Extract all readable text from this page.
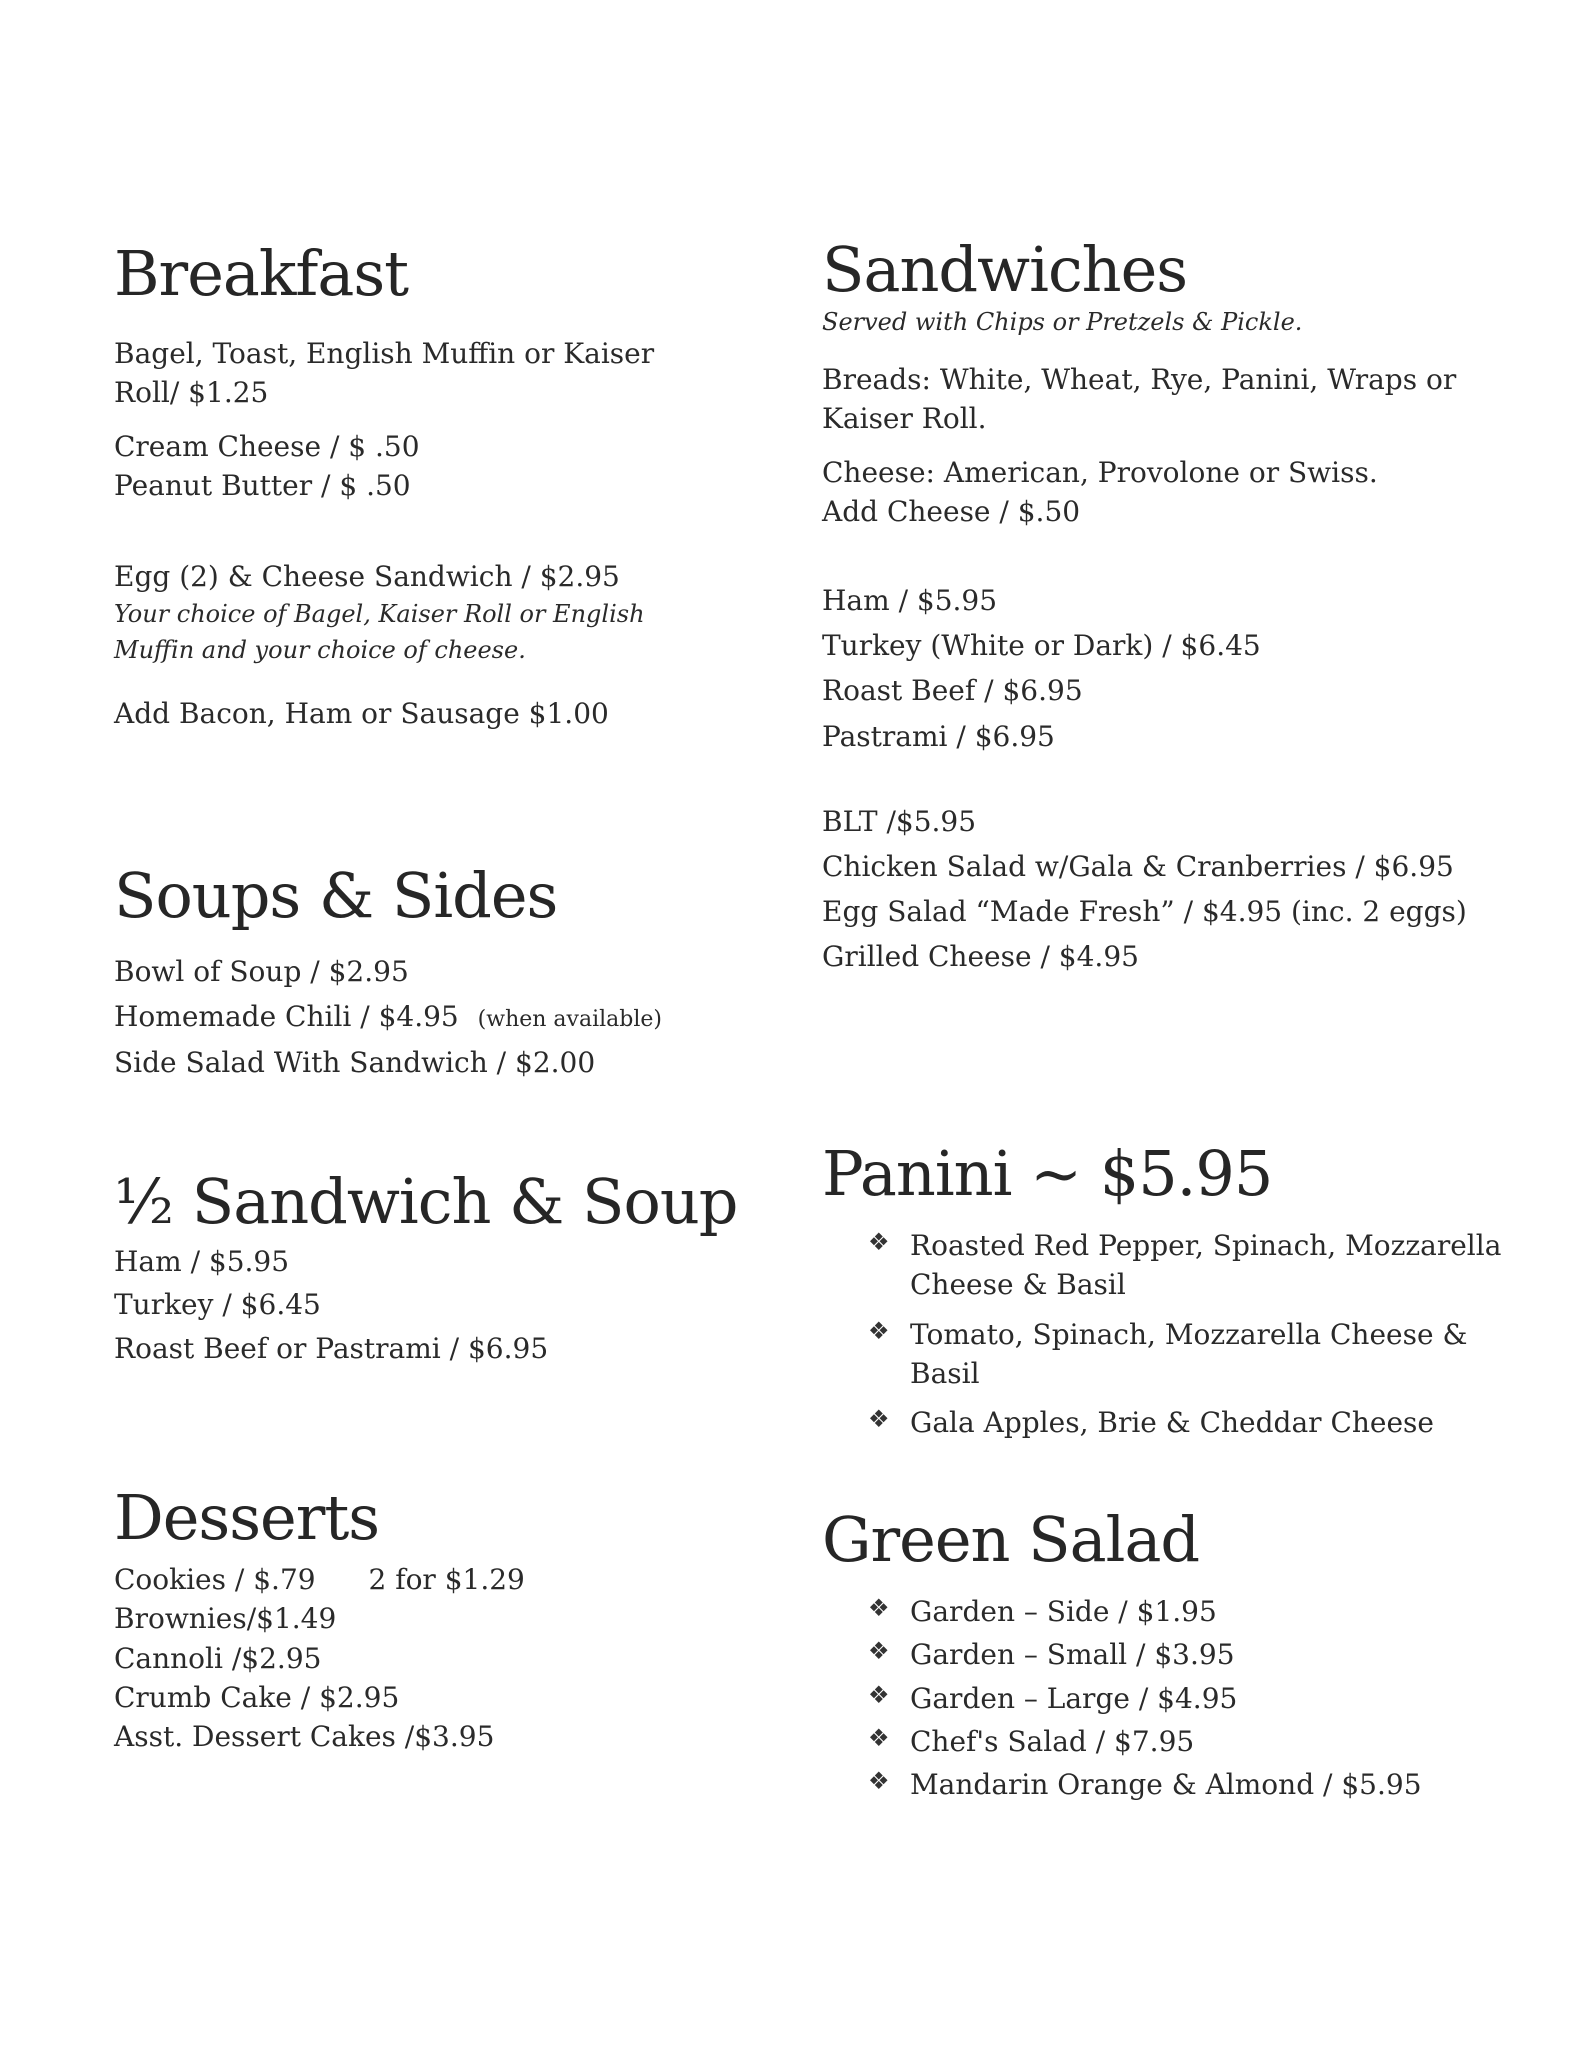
Breakfast

Bagel, Toast, English Muffin or Kaiser Roll/ $1.25

Cream Cheese / $ .50

Peanut Butter / $ .50

Egg (2) & Cheese Sandwich / $2.95

Your choice of Bagel, Kaiser Roll or English Muffin and your choice of cheese.

Add Bacon, Ham or Sausage $1.00

Soups & Sides

Bowl of Soup / $2.95

Homemade Chili / $4.95 (when available)

Side Salad With Sandwich / $2.00

½ Sandwich & Soup

Ham / $5.95

Turkey / $6.45

Roast Beef or Pastrami / $6.95

Desserts

Cookies / $.79 2 for $1.29

Brownies/$1.49

Cannoli /$2.95

Crumb Cake / $2.95

Asst. Dessert Cakes /$3.95

Sandwiches

Served with Chips or Pretzels & Pickle.

Breads: White, Wheat, Rye, Panini, Wraps or Kaiser Roll.

Cheese: American, Provolone or Swiss.

Add Cheese / $.50

Ham / $5.95

Turkey (White or Dark) / $6.45

Roast Beef / $6.95

Pastrami / $6.95

BLT /$5.95

Chicken Salad w/Gala & Cranberries / $6.95

Egg Salad “Made Fresh” / $4.95 (inc. 2 eggs)

Grilled Cheese / $4.95

Panini ~ $5.95
❖ Roasted Red Pepper, Spinach, Mozzarella Cheese & Basil
❖ Tomato, Spinach, Mozzarella Cheese & Basil
❖ Gala Apples, Brie & Cheddar Cheese
Green Salad
❖ Garden – Side / $1.95
❖ Garden – Small / $3.95
❖ Garden – Large / $4.95
❖ Chef's Salad / $7.95
❖ Mandarin Orange & Almond / $5.95
